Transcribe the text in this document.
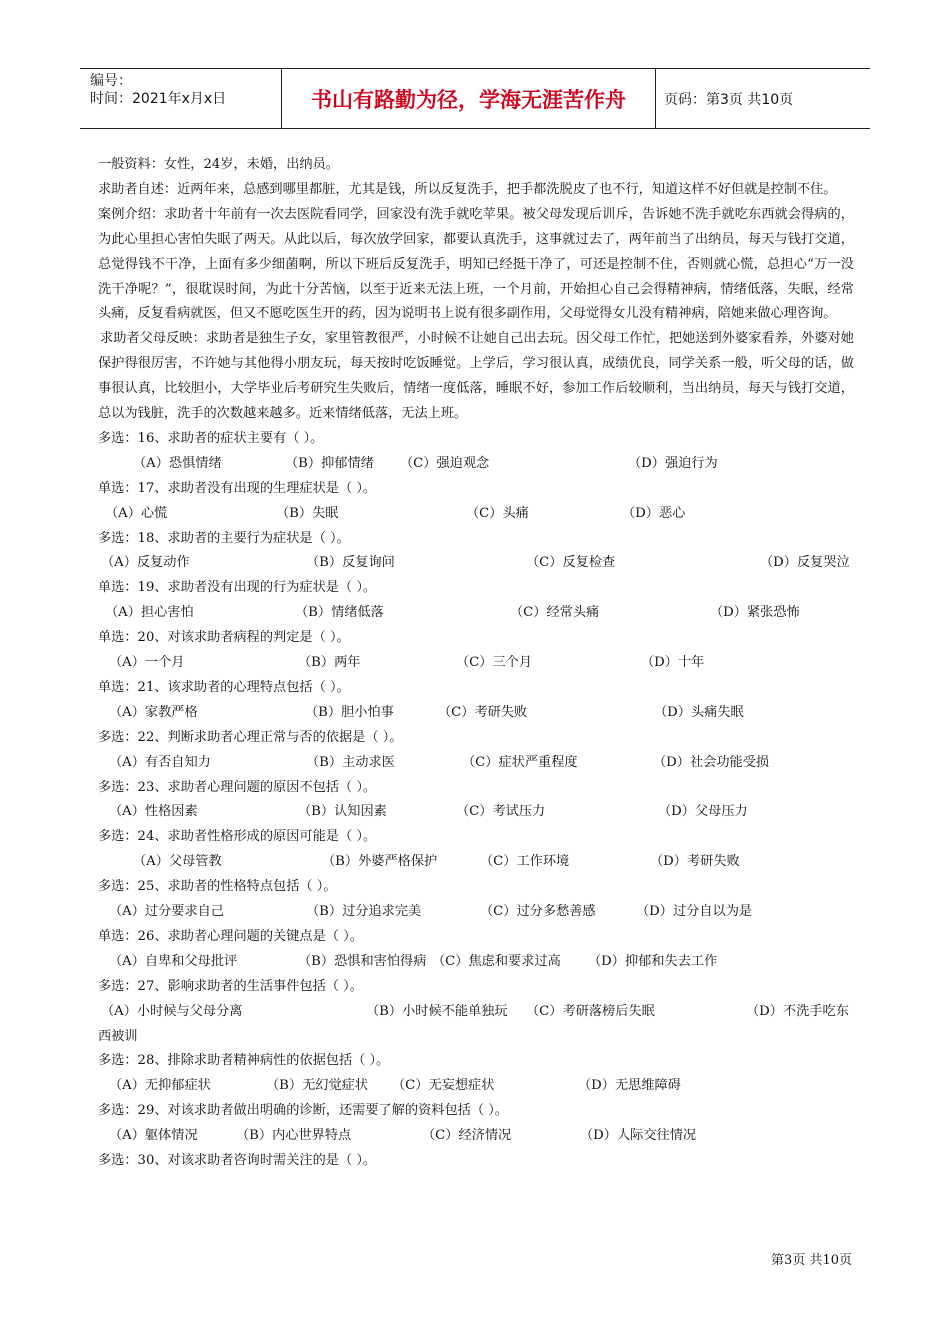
编号：
时间：2021年x月x日	书山有路勤为径，学海无涯苦作舟	页码：第3页 共10页

一般资料：女性，24岁，未婚，出纳员。

求助者自述：近两年来，总感到哪里都脏，尤其是钱，所以反复洗手，把手都洗脱皮了也不行，知道这样不好但就是控制不住。

案例介绍：求助者十年前有一次去医院看同学，回家没有洗手就吃苹果。被父母发现后训斥，告诉她不洗手就吃东西就会得病的，为此心里担心害怕失眠了两天。从此以后，每次放学回家，都要认真洗手，这事就过去了，两年前当了出纳员，每天与钱打交道，总觉得钱不干净，上面有多少细菌啊，所以下班后反复洗手，明知已经挺干净了，可还是控制不住，否则就心慌，总担心“万一没洗干净呢？”，很耽误时间，为此十分苦恼，以至于近来无法上班，一个月前，开始担心自己会得精神病，情绪低落，失眠，经常头痛，反复看病就医，但又不愿吃医生开的药，因为说明书上说有很多副作用，父母觉得女儿没有精神病，陪她来做心理咨询。

求助者父母反映：求助者是独生子女，家里管教很严，小时候不让她自己出去玩。因父母工作忙，把她送到外婆家看养，外婆对她保护得很厉害，不许她与其他得小朋友玩，每天按时吃饭睡觉。上学后，学习很认真，成绩优良，同学关系一般，听父母的话，做事很认真，比较胆小，大学毕业后考研究生失败后，情绪一度低落，睡眠不好，参加工作后较顺利，当出纳员，每天与钱打交道，总以为钱脏，洗手的次数越来越多。近来情绪低落，无法上班。

多选：16、求助者的症状主要有（ ）。

（A）恐惧情绪	（B）抑郁情绪 （C）强迫观念	（D）强迫行为

单选：17、求助者没有出现的生理症状是（ ）。

（A）心慌	（B）失眠	（C）头痛	（D）恶心

多选：18、求助者的主要行为症状是（ ）。

（A）反复动作	（B）反复询问	（C）反复检查	（D）反复哭泣

单选：19、求助者没有出现的行为症状是（ ）。

（A）担心害怕	（B）情绪低落	（C）经常头痛	（D）紧张恐怖

单选：20、对该求助者病程的判定是（ ）。

（A）一个月	（B）两年	（C）三个月	（D）十年

单选：21、该求助者的心理特点包括（ ）。

（A）家教严格	（B）胆小怕事	（C）考研失败	（D）头痛失眠

多选：22、判断求助者心理正常与否的依据是（ ）。

（A）有否自知力	（B）主动求医	（C）症状严重程度	（D）社会功能受损

多选：23、求助者心理问题的原因不包括（ ）。

（A）性格因素	（B）认知因素	（C）考试压力	（D）父母压力

多选：24、求助者性格形成的原因可能是（ ）。

（A）父母管教	（B）外婆严格保护	（C）工作环境	（D）考研失败

多选：25、求助者的性格特点包括（ ）。

（A）过分要求自己	（B）过分追求完美	（C）过分多愁善感	（D）过分自以为是

单选：26、求助者心理问题的关键点是（ ）。

（A）自卑和父母批评	（B）恐惧和害怕得病 （C）焦虑和要求过高 （D）抑郁和失去工作

多选：27、影响求助者的生活事件包括（ ）。

（A）小时候与父母分离	（B）小时候不能单独玩 （C）考研落榜后失眠	（D）不洗手吃东

西被训

多选：28、排除求助者精神病性的依据包括（ ）。

（A）无抑郁症状	（B）无幻觉症状 （C）无妄想症状	（D）无思维障碍

多选：29、对该求助者做出明确的诊断，还需要了解的资料包括（ ）。

（A）躯体情况	（B）内心世界特点	（C）经济情况	（D）人际交往情况

多选：30、对该求助者咨询时需关注的是（ ）。

第3页 共10页
